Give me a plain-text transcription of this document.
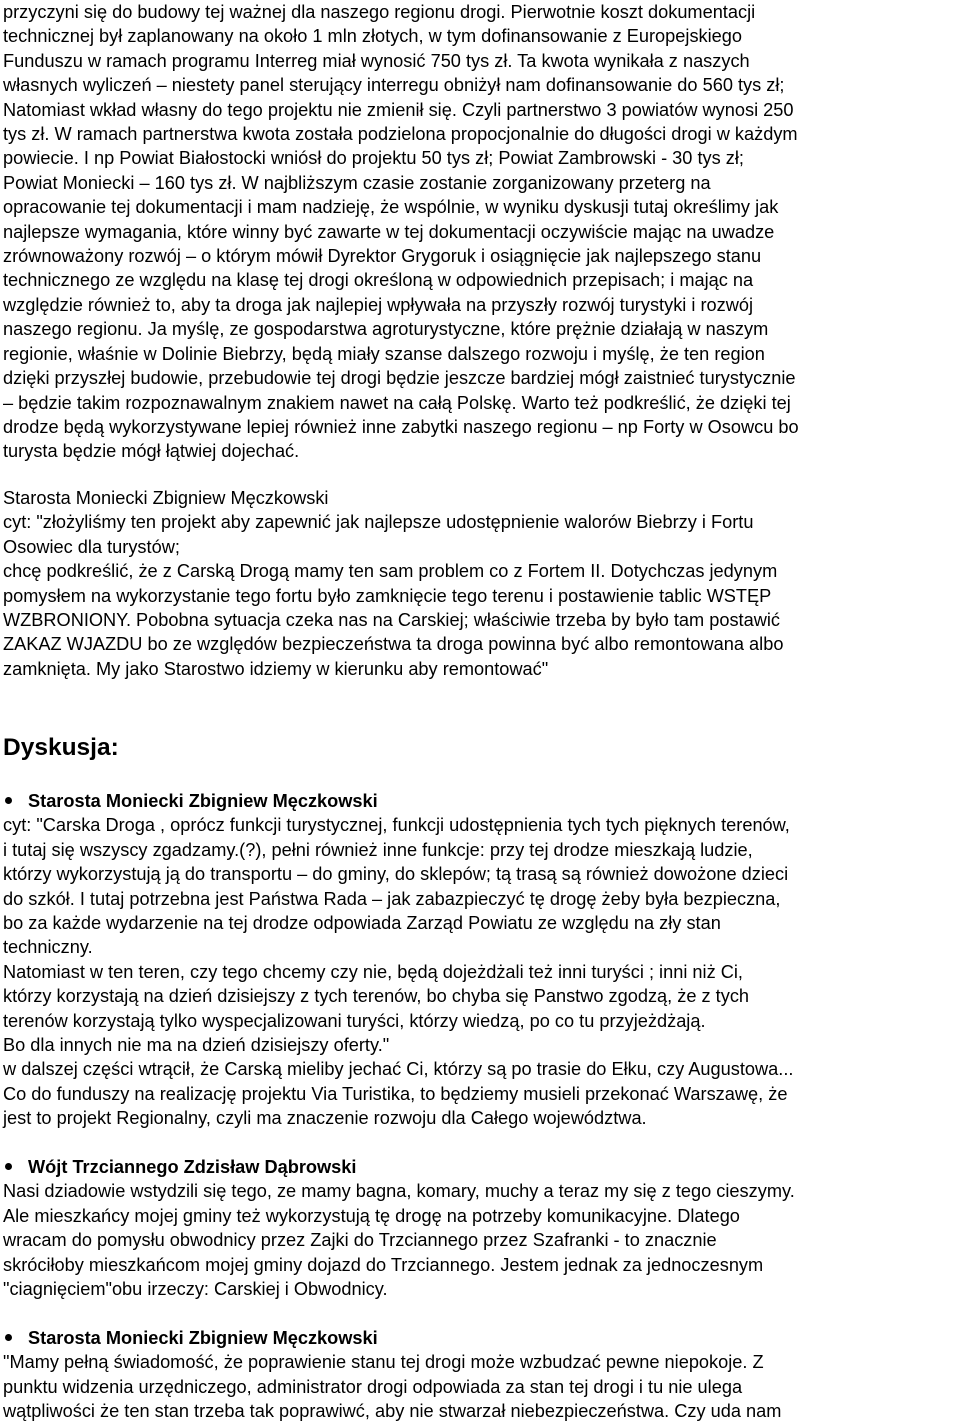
przyczyni się do budowy tej ważnej dla naszego regionu drogi. Pierwotnie koszt dokumentacji
technicznej był zaplanowany na około 1 mln złotych, w tym dofinansowanie z Europejskiego
Funduszu w ramach programu Interreg miał wynosić 750 tys zł. Ta kwota wynikała z naszych
własnych wyliczeń – niestety panel sterujący interregu obniżył nam dofinansowanie do 560 tys zł;
Natomiast wkład własny do tego projektu nie zmienił się. Czyli partnerstwo 3 powiatów wynosi 250
tys zł. W ramach partnerstwa kwota została podzielona propocjonalnie do długości drogi w każdym
powiecie. I np Powiat Białostocki wniósł do projektu 50 tys zł; Powiat Zambrowski - 30 tys zł;
Powiat Moniecki – 160 tys zł. W najbliższym czasie zostanie zorganizowany przeterg na
opracowanie tej dokumentacji i mam nadzieję, że wspólnie, w wyniku dyskusji tutaj określimy jak
najlepsze wymagania, które winny być zawarte w tej dokumentacji oczywiście mając na uwadze
zrównoważony rozwój – o którym mówił Dyrektor Grygoruk i osiągnięcie jak najlepszego stanu
technicznego ze względu na klasę tej drogi określoną w odpowiednich przepisach; i mając na
względzie również to, aby ta droga jak najlepiej wpływała na przyszły rozwój turystyki i rozwój
naszego regionu. Ja myślę, ze gospodarstwa agroturystyczne, które prężnie działają w naszym
regionie, właśnie w Dolinie Biebrzy, będą miały szanse dalszego rozwoju i myślę, że ten region
dzięki przyszłej budowie, przebudowie tej drogi będzie jeszcze bardziej mógł zaistnieć turystycznie
– będzie takim rozpoznawalnym znakiem nawet na całą Polskę. Warto też podkreślić, że dzięki tej
drodze będą wykorzystywane lepiej również inne zabytki naszego regionu – np Forty w Osowcu bo
turysta będzie mógł łątwiej dojechać.
Starosta Moniecki Zbigniew Męczkowski
cyt: "złożyliśmy ten projekt aby zapewnić jak najlepsze udostępnienie walorów Biebrzy i Fortu
Osowiec dla turystów;
chcę podkreślić, że z Carską Drogą mamy ten sam problem co z Fortem II. Dotychczas jedynym
pomysłem na wykorzystanie tego fortu było zamknięcie tego terenu i postawienie tablic WSTĘP
WZBRONIONY. Pobobna sytuacja czeka nas na Carskiej; właściwie trzeba by było tam postawić
ZAKAZ WJAZDU bo ze względów bezpieczeństwa ta droga powinna być albo remontowana albo
zamknięta. My jako Starostwo idziemy w kierunku aby remontować"
Dyskusja:
Starosta Moniecki Zbigniew Męczkowski
cyt: "Carska Droga , oprócz funkcji turystycznej, funkcji udostępnienia tych tych pięknych terenów,
i tutaj się wszyscy zgadzamy.(?), pełni również inne funkcje: przy tej drodze mieszkają ludzie,
którzy wykorzystują ją do transportu – do gminy, do sklepów; tą trasą są również dowożone dzieci
do szkół. I tutaj potrzebna jest Państwa Rada – jak zabazpieczyć tę drogę żeby była bezpieczna,
bo za każde wydarzenie na tej drodze odpowiada Zarząd Powiatu ze względu na zły stan
techniczny.
Natomiast w ten teren, czy tego chcemy czy nie, będą dojeżdżali też inni turyści ; inni niż Ci,
którzy korzystają na dzień dzisiejszy z tych terenów, bo chyba się Panstwo zgodzą, że z tych
terenów korzystają tylko wyspecjalizowani turyści, którzy wiedzą, po co tu przyjeżdżają.
Bo dla innych nie ma na dzień dzisiejszy oferty."
w dalszej części wtrącił, że Carską mieliby jechać Ci, którzy są po trasie do Ełku, czy Augustowa...
Co do funduszy na realizację projektu Via Turistika, to będziemy musieli przekonać Warszawę, że
jest to projekt Regionalny, czyli ma znaczenie rozwoju dla Całego województwa.
Wójt Trzciannego Zdzisław Dąbrowski
Nasi dziadowie wstydzili się tego, ze mamy bagna, komary, muchy a teraz my się z tego cieszymy.
Ale mieszkańcy mojej gminy też wykorzystują tę drogę na potrzeby komunikacyjne. Dlatego
wracam do pomysłu obwodnicy przez Zajki do Trzciannego przez Szafranki - to znacznie
skróciłoby mieszkańcom mojej gminy dojazd do Trzciannego. Jestem jednak za jednoczesnym
"ciagnięciem"obu irzeczy: Carskiej i Obwodnicy.
Starosta Moniecki Zbigniew Męczkowski
"Mamy pełną świadomość, że poprawienie stanu tej drogi może wzbudzać pewne niepokoje. Z
punktu widzenia urzędniczego, administrator drogi odpowiada za stan tej drogi i tu nie ulega
wątpliwości że ten stan trzeba tak poprawiwć, aby nie stwarzał niebezpieczeństwa. Czy uda nam
